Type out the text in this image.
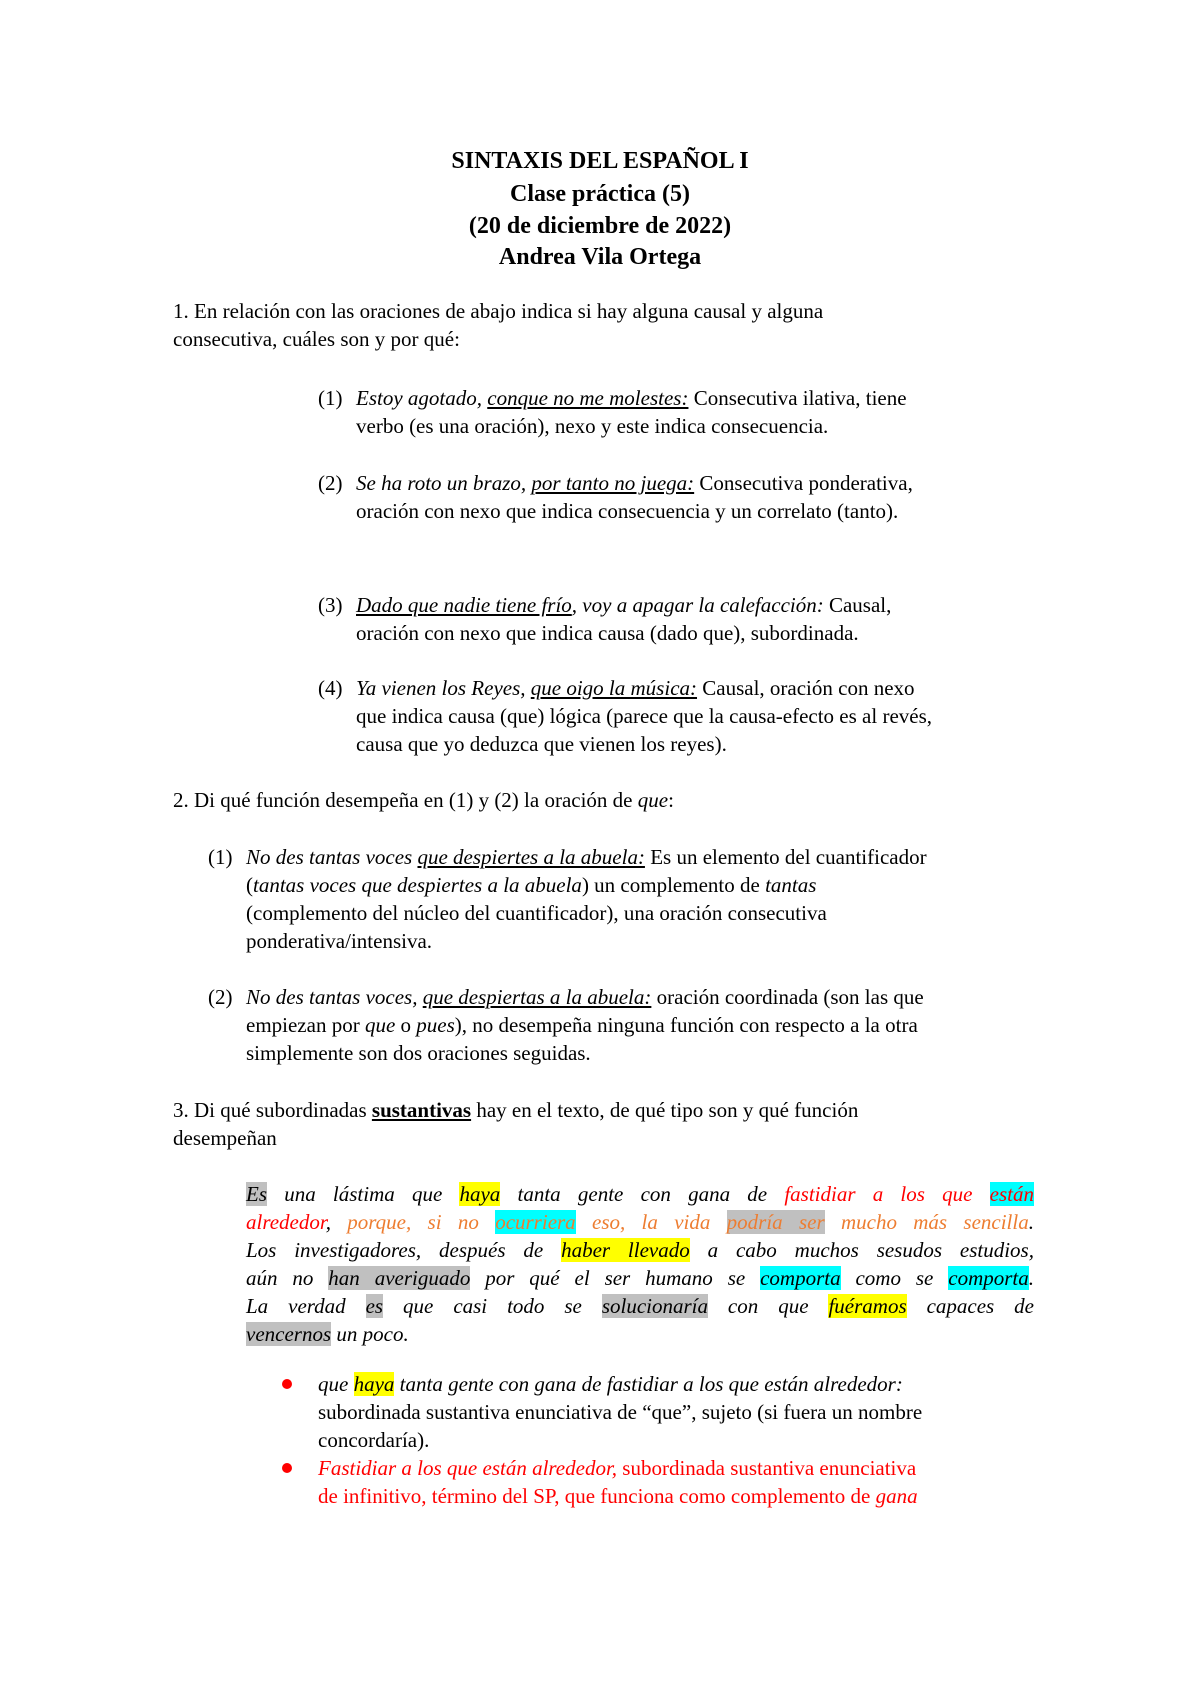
SINTAXIS DEL ESPAÑOL I
Clase práctica (5)
(20 de diciembre de 2022)
Andrea Vila Ortega
1. En relación con las oraciones de abajo indica si hay alguna causal y alguna
consecutiva, cuáles son y por qué:
(1) Estoy agotado, conque no me molestes: Consecutiva ilativa, tiene
verbo (es una oración), nexo y este indica consecuencia.
(2) Se ha roto un brazo, por tanto no juega: Consecutiva ponderativa,
oración con nexo que indica consecuencia y un correlato (tanto).
(3) Dado que nadie tiene frío, voy a apagar la calefacción: Causal,
oración con nexo que indica causa (dado que), subordinada.
(4) Ya vienen los Reyes, que oigo la música: Causal, oración con nexo
que indica causa (que) lógica (parece que la causa-efecto es al revés,
causa que yo deduzca que vienen los reyes).
2. Di qué función desempeña en (1) y (2) la oración de que:
(1) No des tantas voces que despiertes a la abuela: Es un elemento del cuantificador
(tantas voces que despiertes a la abuela) un complemento de tantas
(complemento del núcleo del cuantificador), una oración consecutiva
ponderativa/intensiva.
(2) No des tantas voces, que despiertas a la abuela: oración coordinada (son las que
empiezan por que o pues), no desempeña ninguna función con respecto a la otra
simplemente son dos oraciones seguidas.
3. Di qué subordinadas sustantivas hay en el texto, de qué tipo son y qué función
desempeñan
Es una lástima que haya tanta gente con gana de fastidiar a los que están
alrededor, porque, si no ocurriera eso, la vida podría ser mucho más sencilla.
Los investigadores, después de haber llevado a cabo muchos sesudos estudios,
aún no han averiguado por qué el ser humano se comporta como se comporta.
La verdad es que casi todo se solucionaría con que fuéramos capaces de
vencernos un poco.
que haya tanta gente con gana de fastidiar a los que están alrededor:
subordinada sustantiva enunciativa de “que”, sujeto (si fuera un nombre
concordaría).
Fastidiar a los que están alrededor, subordinada sustantiva enunciativa
de infinitivo, término del SP, que funciona como complemento de gana
